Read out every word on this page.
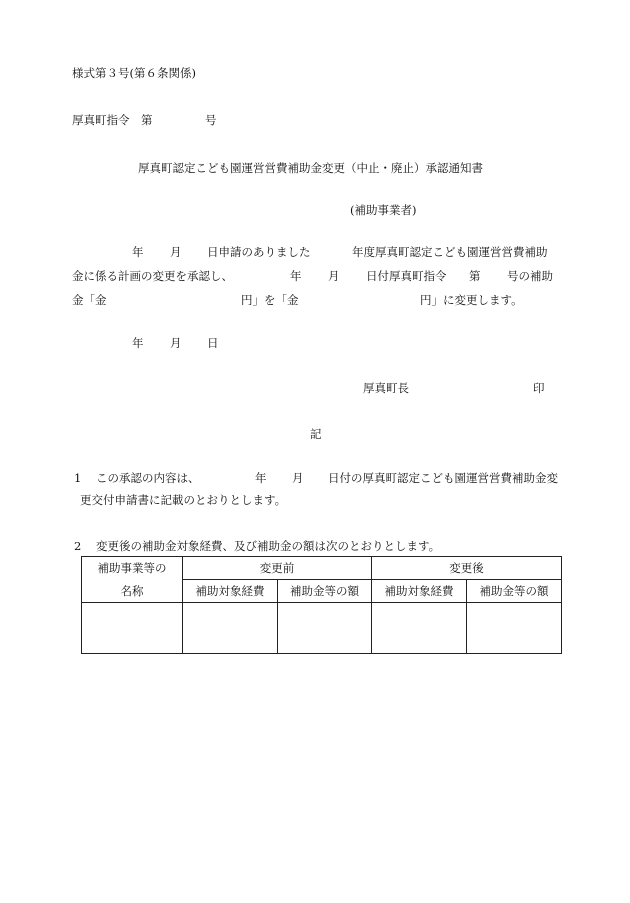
様式第３号(第６条関係)
厚真町指令　第	号
厚真町認定こども園運営営費補助金変更（中止・廃止）承認通知書
(補助事業者)
年 月 日申請のありました	年度厚真町認定こども園運営営費補助
金に係る計画の変更を承認し、	年 月 日付厚真町指令 第 号の補助
金「金	円」を「金	円」に変更します。
年 月 日
厚真町長	印
記
1 この承認の内容は、	年 月 日付の厚真町認定こども園運営営費補助金変
更交付申請書に記載のとおりとします。
2 変更後の補助金対象経費、及び補助金の額は次のとおりとします。
補助事業等の	変更前		変更後	
名称	補助対象経費	補助金等の額	補助対象経費	補助金等の額
